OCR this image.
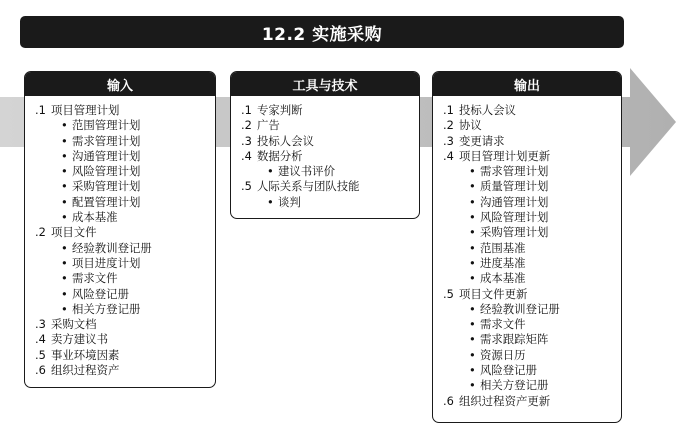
12.2 实施采购
输入
.1 项目管理计划
• 范围管理计划
• 需求管理计划
• 沟通管理计划
• 风险管理计划
• 采购管理计划
• 配置管理计划
• 成本基准
.2 项目文件
• 经验教训登记册
• 项目进度计划
• 需求文件
• 风险登记册
• 相关方登记册
.3 采购文档
.4 卖方建议书
.5 事业环境因素
.6 组织过程资产
工具与技术
.1 专家判断
.2 广告
.3 投标人会议
.4 数据分析
• 建议书评价
.5 人际关系与团队技能
• 谈判
输出
.1 投标人会议
.2 协议
.3 变更请求
.4 项目管理计划更新
• 需求管理计划
• 质量管理计划
• 沟通管理计划
• 风险管理计划
• 采购管理计划
• 范围基准
• 进度基准
• 成本基准
.5 项目文件更新
• 经验教训登记册
• 需求文件
• 需求跟踪矩阵
• 资源日历
• 风险登记册
• 相关方登记册
.6 组织过程资产更新
